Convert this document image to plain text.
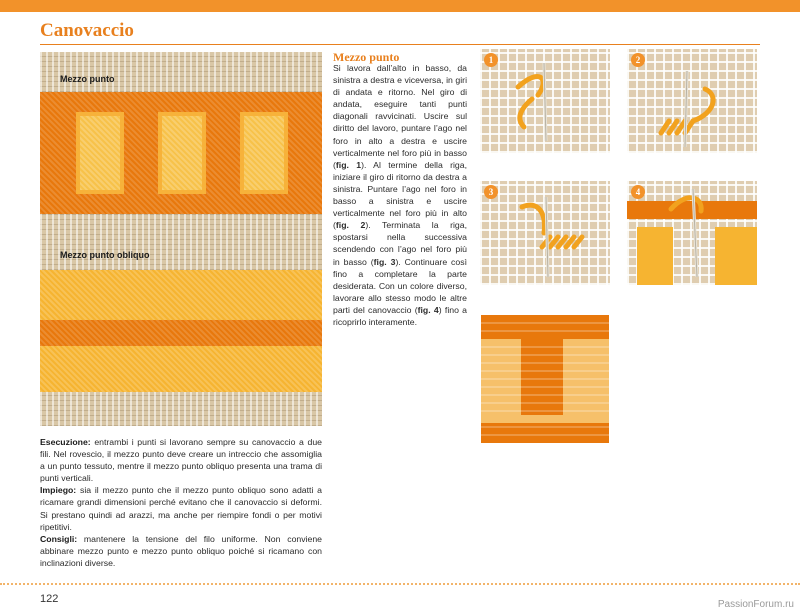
Canovaccio
Mezzo punto
Mezzo punto obliquo
Mezzo punto
Si lavora dall’alto in basso, da sinistra a destra e viceversa, in giri di andata e ritorno. Nel giro di andata, eseguire tanti punti diagonali ravvicinati. Uscire sul diritto del lavoro, puntare l’ago nel foro in alto a destra e uscire verticalmente nel foro più in basso (fig. 1). Al termine della riga, iniziare il giro di ritorno da destra a sinistra. Puntare l’ago nel foro in basso a sinistra e uscire verticalmente nel foro più in alto (fig. 2). Terminata la riga, spostarsi nella successiva scendendo con l’ago nel foro più in basso (fig. 3). Continuare così fino a completare la parte desiderata. Con un colore diverso, lavorare allo stesso modo le altre parti del canovaccio (fig. 4) fino a ricoprirlo interamente.
1	2
3	4

Esecuzione: entrambi i punti si lavorano sempre su canovaccio a due fili. Nel rovescio, il mezzo punto deve creare un intreccio che assomiglia a un punto tessuto, mentre il mezzo punto obliquo presenta una trama di punti verticali.

Impiego: sia il mezzo punto che il mezzo punto obliquo sono adatti a ricamare grandi dimensioni perché evitano che il canovaccio si deformi. Si prestano quindi ad arazzi, ma anche per riempire fondi o per motivi ripetitivi.

Consigli: mantenere la tensione del filo uniforme. Non conviene abbinare mezzo punto e mezzo punto obliquo poiché si ricamano con inclinazioni diverse.

122	PassionForum.ru
